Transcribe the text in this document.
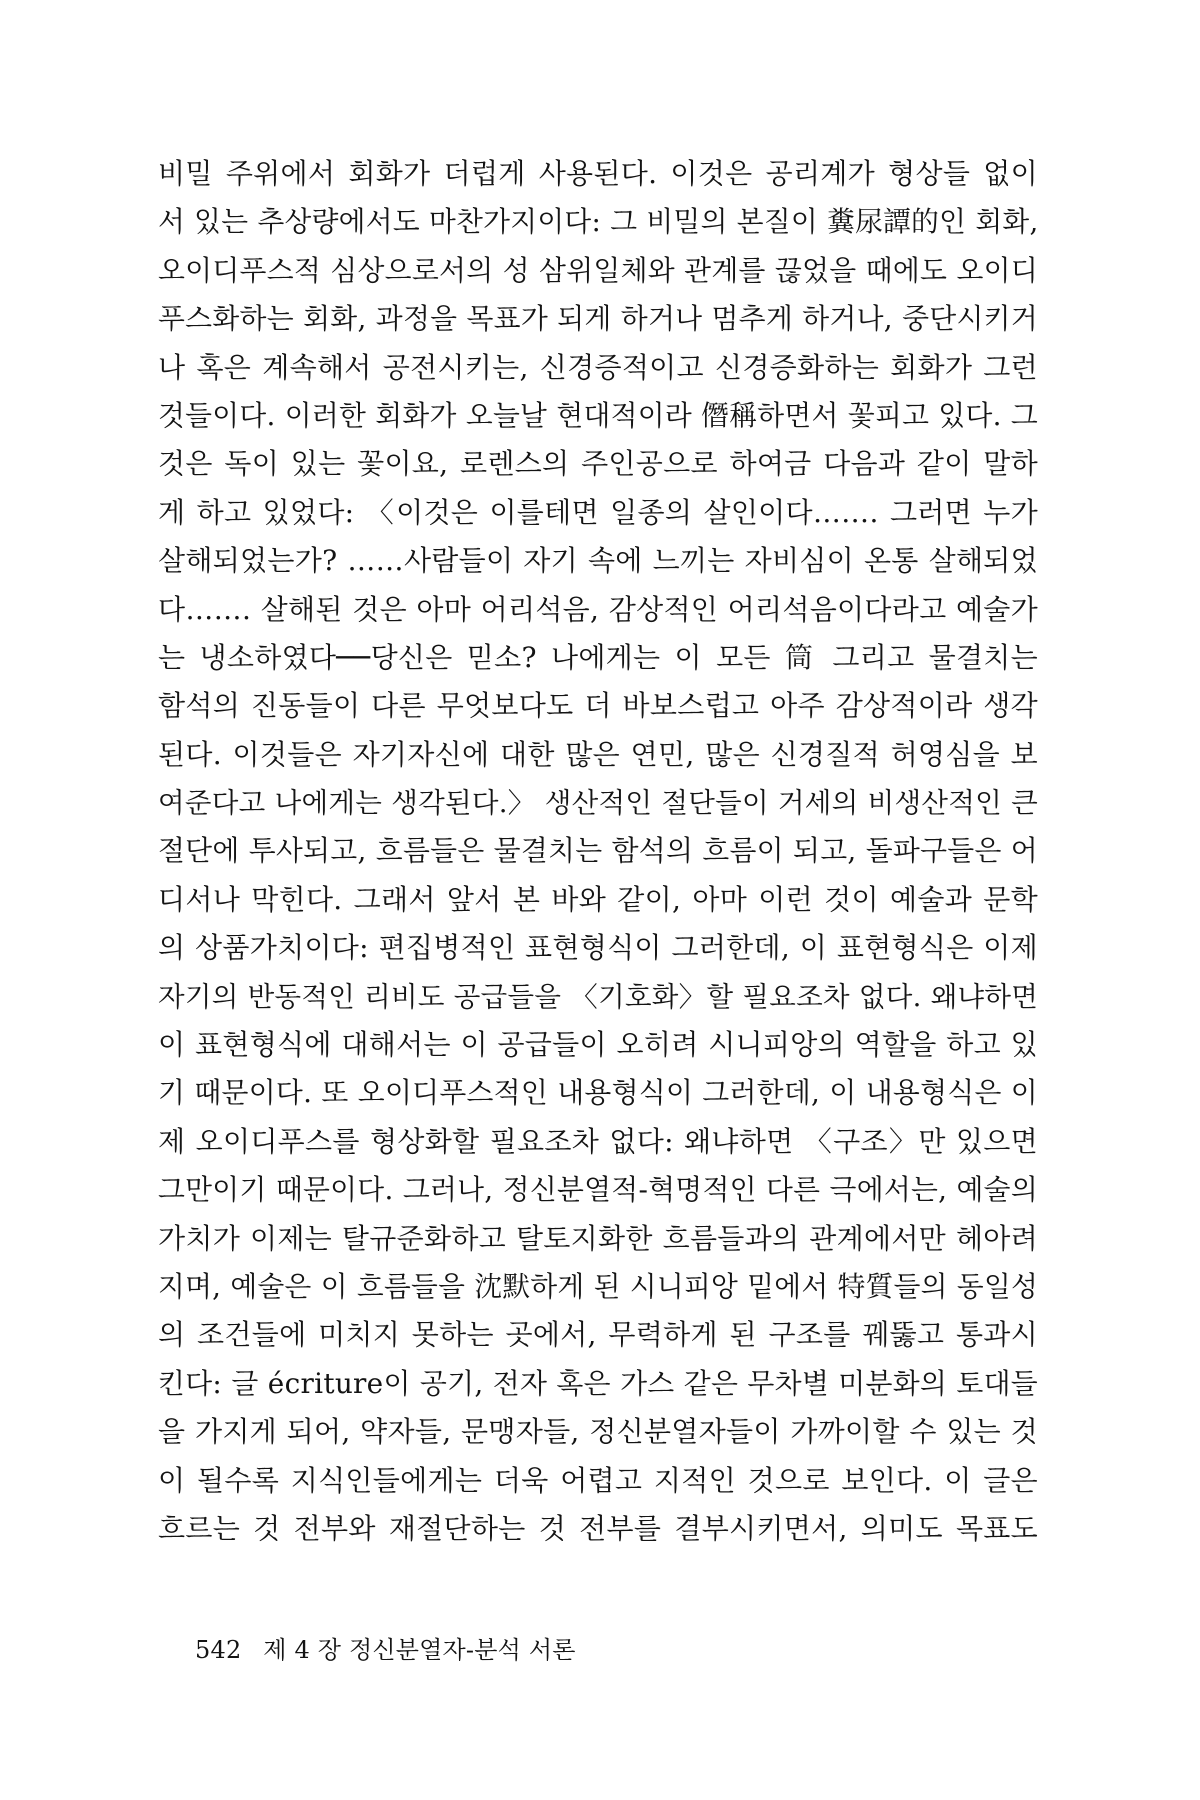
비밀 주위에서 회화가 더럽게 사용된다. 이것은 공리계가 형상들 없이
서 있는 추상량에서도 마찬가지이다: 그 비밀의 본질이 糞尿譚的인 회화,
오이디푸스적 심상으로서의 성 삼위일체와 관계를 끊었을 때에도 오이디
푸스화하는 회화, 과정을 목표가 되게 하거나 멈추게 하거나, 중단시키거
나 혹은 계속해서 공전시키는, 신경증적이고 신경증화하는 회화가 그런
것들이다. 이러한 회화가 오늘날 현대적이라 僭稱하면서 꽃피고 있다. 그
것은 독이 있는 꽃이요, 로렌스의 주인공으로 하여금 다음과 같이 말하
게 하고 있었다: 〈이것은 이를테면 일종의 살인이다……. 그러면 누가
살해되었는가? ……사람들이 자기 속에 느끼는 자비심이 온통 살해되었
다……. 살해된 것은 아마 어리석음, 감상적인 어리석음이다라고 예술가
는 냉소하였다──당신은 믿소? 나에게는 이 모든 筒 그리고 물결치는
함석의 진동들이 다른 무엇보다도 더 바보스럽고 아주 감상적이라 생각
된다. 이것들은 자기자신에 대한 많은 연민, 많은 신경질적 허영심을 보
여준다고 나에게는 생각된다.〉 생산적인 절단들이 거세의 비생산적인 큰
절단에 투사되고, 흐름들은 물결치는 함석의 흐름이 되고, 돌파구들은 어
디서나 막힌다. 그래서 앞서 본 바와 같이, 아마 이런 것이 예술과 문학
의 상품가치이다: 편집병적인 표현형식이 그러한데, 이 표현형식은 이제
자기의 반동적인 리비도 공급들을 〈기호화〉할 필요조차 없다. 왜냐하면
이 표현형식에 대해서는 이 공급들이 오히려 시니피앙의 역할을 하고 있
기 때문이다. 또 오이디푸스적인 내용형식이 그러한데, 이 내용형식은 이
제 오이디푸스를 형상화할 필요조차 없다: 왜냐하면 〈구조〉만 있으면
그만이기 때문이다. 그러나, 정신분열적-혁명적인 다른 극에서는, 예술의
가치가 이제는 탈규준화하고 탈토지화한 흐름들과의 관계에서만 헤아려
지며, 예술은 이 흐름들을 沈默하게 된 시니피앙 밑에서 特質들의 동일성
의 조건들에 미치지 못하는 곳에서, 무력하게 된 구조를 꿰뚫고 통과시
킨다: 글 écriture이 공기, 전자 혹은 가스 같은 무차별 미분화의 토대들
을 가지게 되어, 약자들, 문맹자들, 정신분열자들이 가까이할 수 있는 것
이 될수록 지식인들에게는 더욱 어렵고 지적인 것으로 보인다. 이 글은
흐르는 것 전부와 재절단하는 것 전부를 결부시키면서, 의미도 목표도
542 제 4 장 정신분열자-분석 서론
